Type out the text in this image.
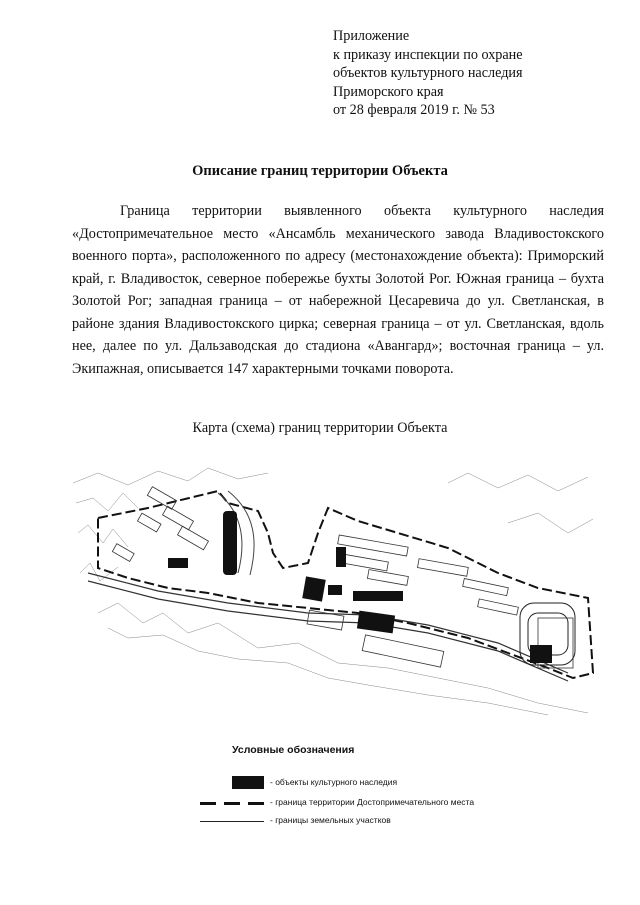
Приложение
к приказу инспекции по охране
объектов культурного наследия
Приморского края
от 28 февраля 2019 г. № 53
Описание границ территории Объекта

Граница территории выявленного объекта культурного наследия «Достопримечательное место «Ансамбль механического завода Владивостокского военного порта», расположенного по адресу (местонахождение объекта): Приморский край, г. Владивосток, северное побережье бухты Золотой Рог. Южная граница – бухта Золотой Рог; западная граница – от набережной Цесаревича до ул. Светланская, в районе здания Владивостокского цирка; северная граница – от ул. Светланская, вдоль нее, далее по ул. Дальзаводская до стадиона «Авангард»; восточная граница – ул. Экипажная, описывается 147 характерными точками поворота.

Карта (схема) границ территории Объекта
Условные обозначения
- объекты культурного наследия
- граница территории Достопримечательного места
- границы земельных участков
